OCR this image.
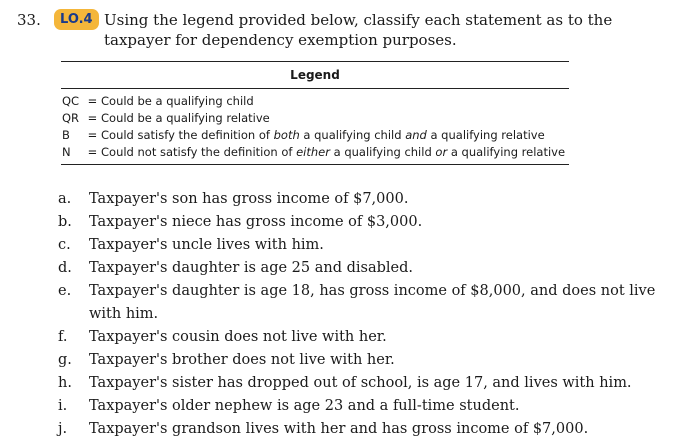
33.	LO.4 Using the legend provided below, classify each statement as to the taxpayer for dependency exemption purposes.
Legend
QC = Could be a qualifying child
QR = Could be a qualifying relative
B	= Could satisfy the definition of both a qualifying child and a qualifying relative
N	= Could not satisfy the definition of either a qualifying child or a qualifying relative
a.	Taxpayer's son has gross income of $7,000.
b.	Taxpayer's niece has gross income of $3,000.
c.	Taxpayer's uncle lives with him.
d.	Taxpayer's daughter is age 25 and disabled.
e.	Taxpayer's daughter is age 18, has gross income of $8,000, and does not live with him.
f.	Taxpayer's cousin does not live with her.
g.	Taxpayer's brother does not live with her.
h.	Taxpayer's sister has dropped out of school, is age 17, and lives with him.
i.	Taxpayer's older nephew is age 23 and a full-time student.
j.	Taxpayer's grandson lives with her and has gross income of $7,000.
